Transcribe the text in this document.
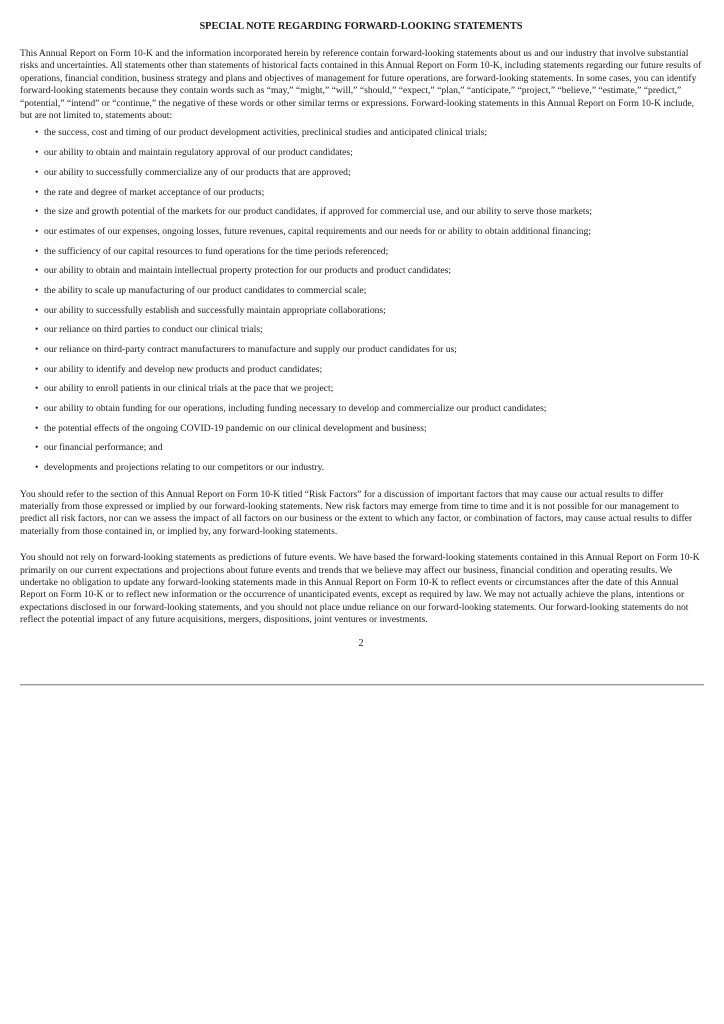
SPECIAL NOTE REGARDING FORWARD-LOOKING STATEMENTS

This Annual Report on Form 10-K and the information incorporated herein by reference contain forward-looking statements about us and our industry that involve substantial risks and uncertainties. All statements other than statements of historical facts contained in this Annual Report on Form 10-K, including statements regarding our future results of operations, financial condition, business strategy and plans and objectives of management for future operations, are forward-looking statements. In some cases, you can identify forward-looking statements because they contain words such as “may,” “might,” “will,” “should,” “expect,” “plan,” “anticipate,” “project,” “believe,” “estimate,” “predict,” “potential,” “intend” or “continue,” the negative of these words or other similar terms or expressions. Forward-looking statements in this Annual Report on Form 10-K include, but are not limited to, statements about:

• the success, cost and timing of our product development activities, preclinical studies and anticipated clinical trials;
• our ability to obtain and maintain regulatory approval of our product candidates;
• our ability to successfully commercialize any of our products that are approved;
• the rate and degree of market acceptance of our products;
• the size and growth potential of the markets for our product candidates, if approved for commercial use, and our ability to serve those markets;
• our estimates of our expenses, ongoing losses, future revenues, capital requirements and our needs for or ability to obtain additional financing;
• the sufficiency of our capital resources to fund operations for the time periods referenced;
• our ability to obtain and maintain intellectual property protection for our products and product candidates;
• the ability to scale up manufacturing of our product candidates to commercial scale;
• our ability to successfully establish and successfully maintain appropriate collaborations;
• our reliance on third parties to conduct our clinical trials;
• our reliance on third-party contract manufacturers to manufacture and supply our product candidates for us;
• our ability to identify and develop new products and product candidates;
• our ability to enroll patients in our clinical trials at the pace that we project;
• our ability to obtain funding for our operations, including funding necessary to develop and commercialize our product candidates;
• the potential effects of the ongoing COVID-19 pandemic on our clinical development and business;
• our financial performance; and
• developments and projections relating to our competitors or our industry.

You should refer to the section of this Annual Report on Form 10-K titled “Risk Factors” for a discussion of important factors that may cause our actual results to differ materially from those expressed or implied by our forward-looking statements. New risk factors may emerge from time to time and it is not possible for our management to predict all risk factors, nor can we assess the impact of all factors on our business or the extent to which any factor, or combination of factors, may cause actual results to differ materially from those contained in, or implied by, any forward-looking statements.

You should not rely on forward-looking statements as predictions of future events. We have based the forward-looking statements contained in this Annual Report on Form 10-K primarily on our current expectations and projections about future events and trends that we believe may affect our business, financial condition and operating results. We undertake no obligation to update any forward-looking statements made in this Annual Report on Form 10-K to reflect events or circumstances after the date of this Annual Report on Form 10-K or to reflect new information or the occurrence of unanticipated events, except as required by law. We may not actually achieve the plans, intentions or expectations disclosed in our forward-looking statements, and you should not place undue reliance on our forward-looking statements. Our forward-looking statements do not reflect the potential impact of any future acquisitions, mergers, dispositions, joint ventures or investments.

2
